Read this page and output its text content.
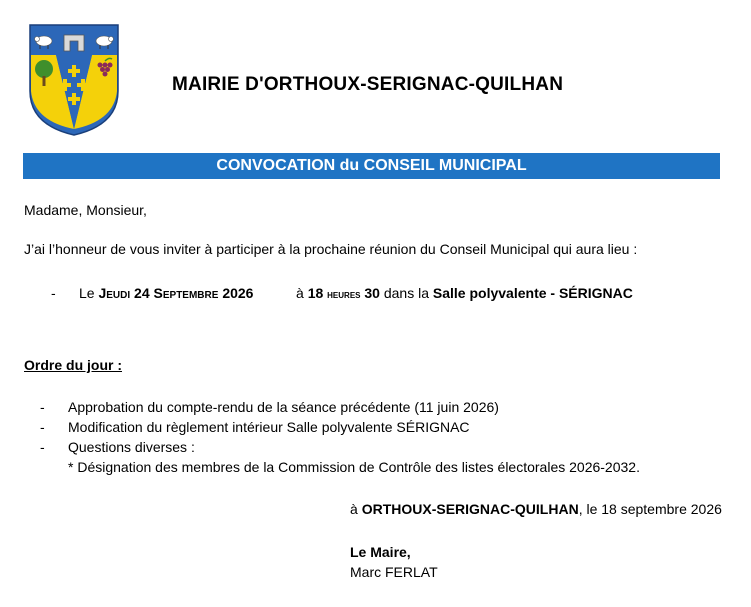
MAIRIE D'ORTHOUX-SERIGNAC-QUILHAN
CONVOCATION du CONSEIL MUNICIPAL
Madame, Monsieur,
J’ai l’honneur de vous inviter à participer à la prochaine réunion du Conseil Municipal qui aura lieu :
- Le Jeudi 24 Septembre 2026	à 18 heures 30 dans la Salle polyvalente - SÉRIGNAC
Ordre du jour :
- Approbation du compte-rendu de la séance précédente (11 juin 2026)
- Modification du règlement intérieur Salle polyvalente SÉRIGNAC
- Questions diverses :
* Désignation des membres de la Commission de Contrôle des listes électorales 2026-2032.
à ORTHOUX-SERIGNAC-QUILHAN, le 18 septembre 2026
Le Maire,
Marc FERLAT
